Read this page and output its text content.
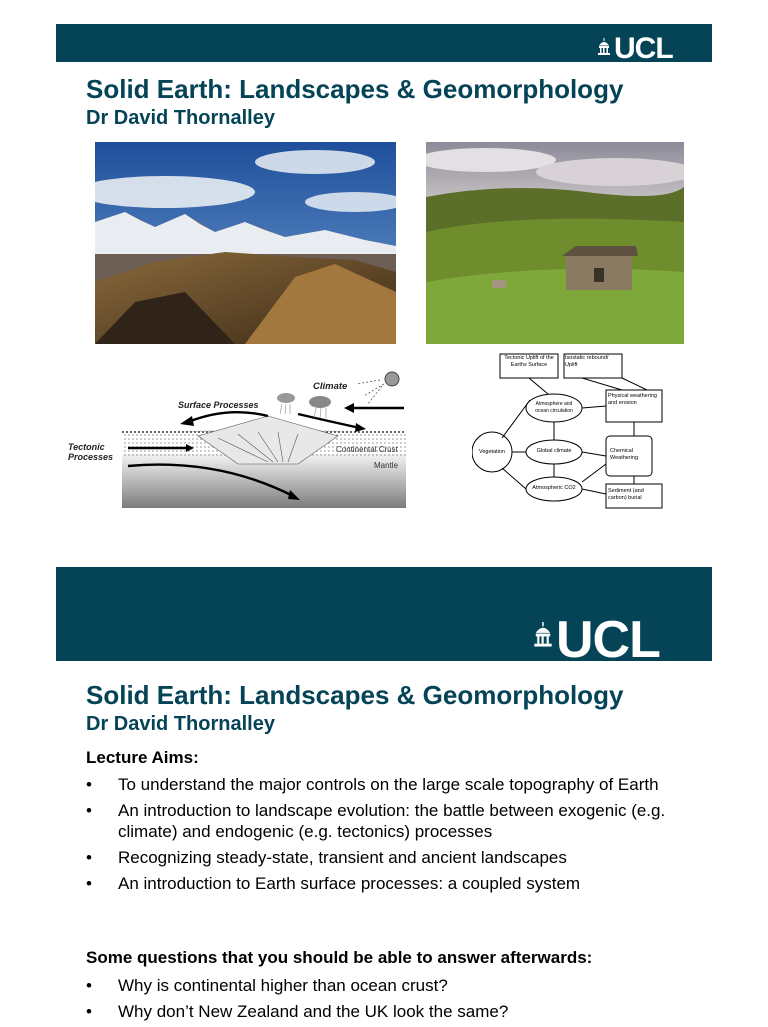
UCL
Solid Earth: Landscapes & Geomorphology
Dr David Thornalley
Climate
Surface Processes
Continental Crust
Mantle
Tectonic Processes
Tectonic Uplift of the Earths Surface
Isostatic rebound/ Uplift
Physical weathering and erosion
Atmosphere and ocean circulation
Vegetation	Global climate	Chemical Weathering
Atmospheric CO2	Sediment (and carbon) burial
UCL
Solid Earth: Landscapes & Geomorphology
Dr David Thornalley
Lecture Aims:
• To understand the major controls on the large scale topography of Earth
• An introduction to landscape evolution: the battle between exogenic (e.g. climate) and endogenic (e.g. tectonics) processes
• Recognizing steady-state, transient and ancient landscapes
• An introduction to Earth surface processes: a coupled system
Some questions that you should be able to answer afterwards:
• Why is continental higher than ocean crust?
• Why don’t New Zealand and the UK look the same?
